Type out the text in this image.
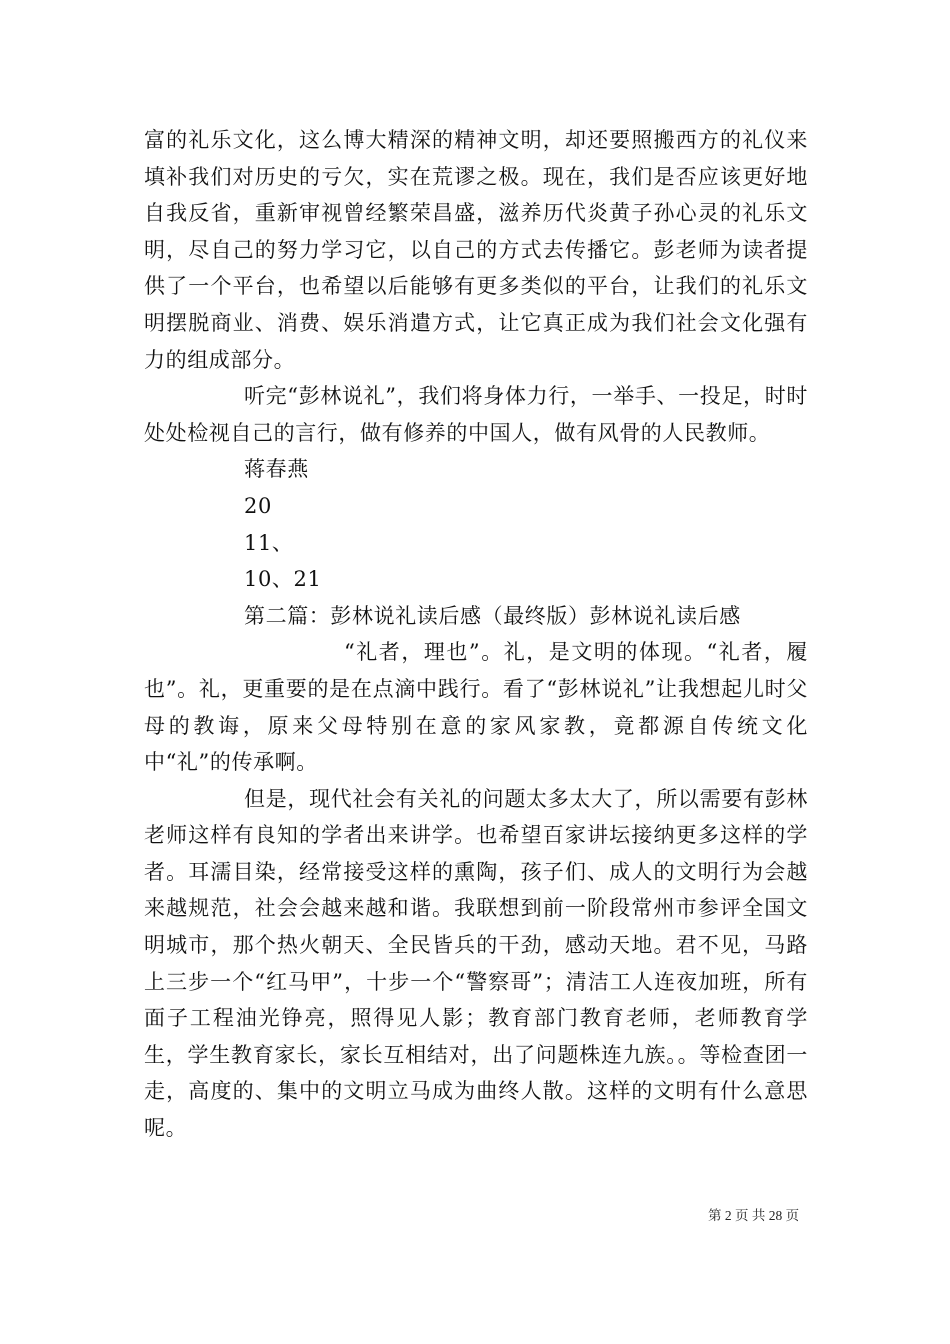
富的礼乐文化，这么博大精深的精神文明，却还要照搬西方的礼仪来填补我们对历史的亏欠，实在荒谬之极。现在，我们是否应该更好地自我反省，重新审视曾经繁荣昌盛，滋养历代炎黄子孙心灵的礼乐文明，尽自己的努力学习它，以自己的方式去传播它。彭老师为读者提供了一个平台，也希望以后能够有更多类似的平台，让我们的礼乐文明摆脱商业、消费、娱乐消遣方式，让它真正成为我们社会文化强有力的组成部分。

听完“彭林说礼”，我们将身体力行，一举手、一投足，时时处处检视自己的言行，做有修养的中国人，做有风骨的人民教师。

蒋春燕

20

11、

10、21

第二篇：彭林说礼读后感（最终版）彭林说礼读后感

“礼者，理也”。礼，是文明的体现。“礼者，履也”。礼，更重要的是在点滴中践行。看了“彭林说礼”让我想起儿时父母的教诲，原来父母特别在意的家风家教，竟都源自传统文化中“礼”的传承啊。

但是，现代社会有关礼的问题太多太大了，所以需要有彭林老师这样有良知的学者出来讲学。也希望百家讲坛接纳更多这样的学者。耳濡目染，经常接受这样的熏陶，孩子们、成人的文明行为会越来越规范，社会会越来越和谐。我联想到前一阶段常州市参评全国文明城市，那个热火朝天、全民皆兵的干劲，感动天地。君不见，马路上三步一个“红马甲”，十步一个“警察哥”；清洁工人连夜加班，所有面子工程油光铮亮，照得见人影；教育部门教育老师，老师教育学生，学生教育家长，家长互相结对，出了问题株连九族。。等检查团一走，高度的、集中的文明立马成为曲终人散。这样的文明有什么意思呢。

第 2 页 共 28 页
